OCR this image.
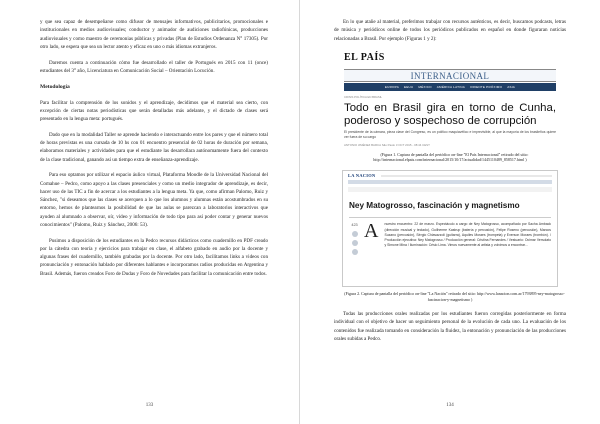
y que sea capaz de desempeñarse como difusor de mensajes informativos, publicitarios, promocionales e institucionales en medios audiovisuales; conductor y animador de audiciones radiofónicas, producciones audiovisuales y como maestro de ceremonias públicas y privadas (Plan de Estudios Ordenanza N° 17305). Por otro lado, se espera que sea un lector atento y eficaz en uno o más idiomas extranjeros.

Daremos cuenta a continuación cómo fue desarrollado el taller de Portugués en 2015 con 11 (once) estudiantes del 3° año, Licenciatura en Comunicación Social – Orientación Locución.

Metodología

Para facilitar la comprensión de los sonidos y el aprendizaje, decidimos que el material sea cierto, con excepción de ciertas notas periodísticas que serán detalladas más adelante, y el dictado de clases será presentado en la lengua meta: portugués.

Dado que en la modalidad Taller se aprende haciendo e interactuando entre los pares y que el número total de horas previstas es una cursada de 10 hs con 01 encuentro presencial de 02 horas de duración por semana, elaboramos materiales y actividades para que el estudiante las desarrollara autónomamente fuera del contexto de la clase tradicional, ganando así un tiempo extra de enseñanza-aprendizaje.

Para eso optamos por utilizar el espacio áulico virtual, Plataforma Moodle de la Universidad Nacional del Comahue – Pedco, como apoyo a las clases presenciales y como un medio integrador de aprendizaje, es decir, hacer uso de las TIC a fin de acercar a los estudiantes a la lengua meta. Ya que, como afirman Palomo, Ruiz y Sánchez, "si deseamos que las clases se acerquen a lo que los alumnos y alumnas están acostumbrados en su entorno, hemos de plantearnos la posibilidad de que las aulas se parezcan a laboratorios interactivos que ayuden al alumnado a observar, oír, video y información de todo tipo para así poder contar y generar nuevos conocimientos" (Palomo, Ruiz y Sánchez, 2006: 53).

Pusimos a disposición de los estudiantes en la Pedco recursos didácticos como cuadernillo en PDF creado por la cátedra con teoría y ejercicios para trabajar en clase, el alfabeto grabado en audio por la docente y algunas frases del cuadernillo, también grabadas por la docente. Por otro lado, facilitamos links a videos con pronunciación y entonación hablado por diferentes hablantes e incorporamos radios producidas en Argentina y Brasil. Además, fueron creados Foro de Dudas y Foro de Novedades para facilitar la comunicación entre todos.

133

En lo que atañe al material, preferimos trabajar con recursos auténticos, es decir, buscamos podcasts, letras de música y periódicos online de todos los periódicos publicados en español en donde figuraran noticias relacionadas a Brasil. Por ejemplo (Figuras 1 y 2):

EL PAÍS
INTERNACIONAL
EUROPA EEUU MÉXICO AMÉRICA LATINA ORIENTE PRÓXIMO ASIA
CRISIS POLÍTICA EN BRASIL
Todo en Brasil gira en torno de Cunha, poderoso y sospechoso de corrupción
El presidente de la cámara, pieza clave del Congreso, es un político maquiavélico e imprevisible, al que la mayoría de los brasileños quiere ver fuera de su cargo
ANTONIO JIMÉNEZ BARCA São Paulo 3 OCT 2015 - 08:44 CEST

(Figura 1. Captura de pantalla del periódico on-line "El País Internacional" retirado del sitio: http://internacional.elpais.com/internacional/2015/10/17/actualidad/1445110489_858517.html )

LA NACION
Ney Matogrosso, fascinación y magnetismo
423 A	nuestro encuentro: 22 de marzo. Espectáculo a cargo de Ney Matogrosso, acompañado por Sacha Amback (dirección musical y teclado), Guilherme Kastrup (batería y percusión), Felipe Roseno (percusión), Marcos Suzano (percusión), Sérgio Chiavazzoli (guitarra), Aquiles Moraes (trompeta) y Everson Moraes (trombón). / Producción ejecutiva: Ney Matogrosso / Producción general: Cristina Fernandes / Vestuario: Ocimar Versolato y Simone Mina / Iluminación: Césio Lima. Vimos nuevamente al artista y volvimos a encontrar...

(Figura 2. Captura de pantalla del periódico on-line "La Nación" retirado del sitio: http://www.lanacion.com.ar/1793895-ney-matogrosso-fascinacion-y-magnetismo )

Todas las producciones orales realizadas por los estudiantes fueron corregidas posteriormente en forma individual con el objetivo de hacer un seguimiento personal de la evolución de cada uno. La evaluación de los contenidos fue realizada tomando en consideración la fluidez, la entonación y pronunciación de las producciones orales subidas a Pedco.

134
